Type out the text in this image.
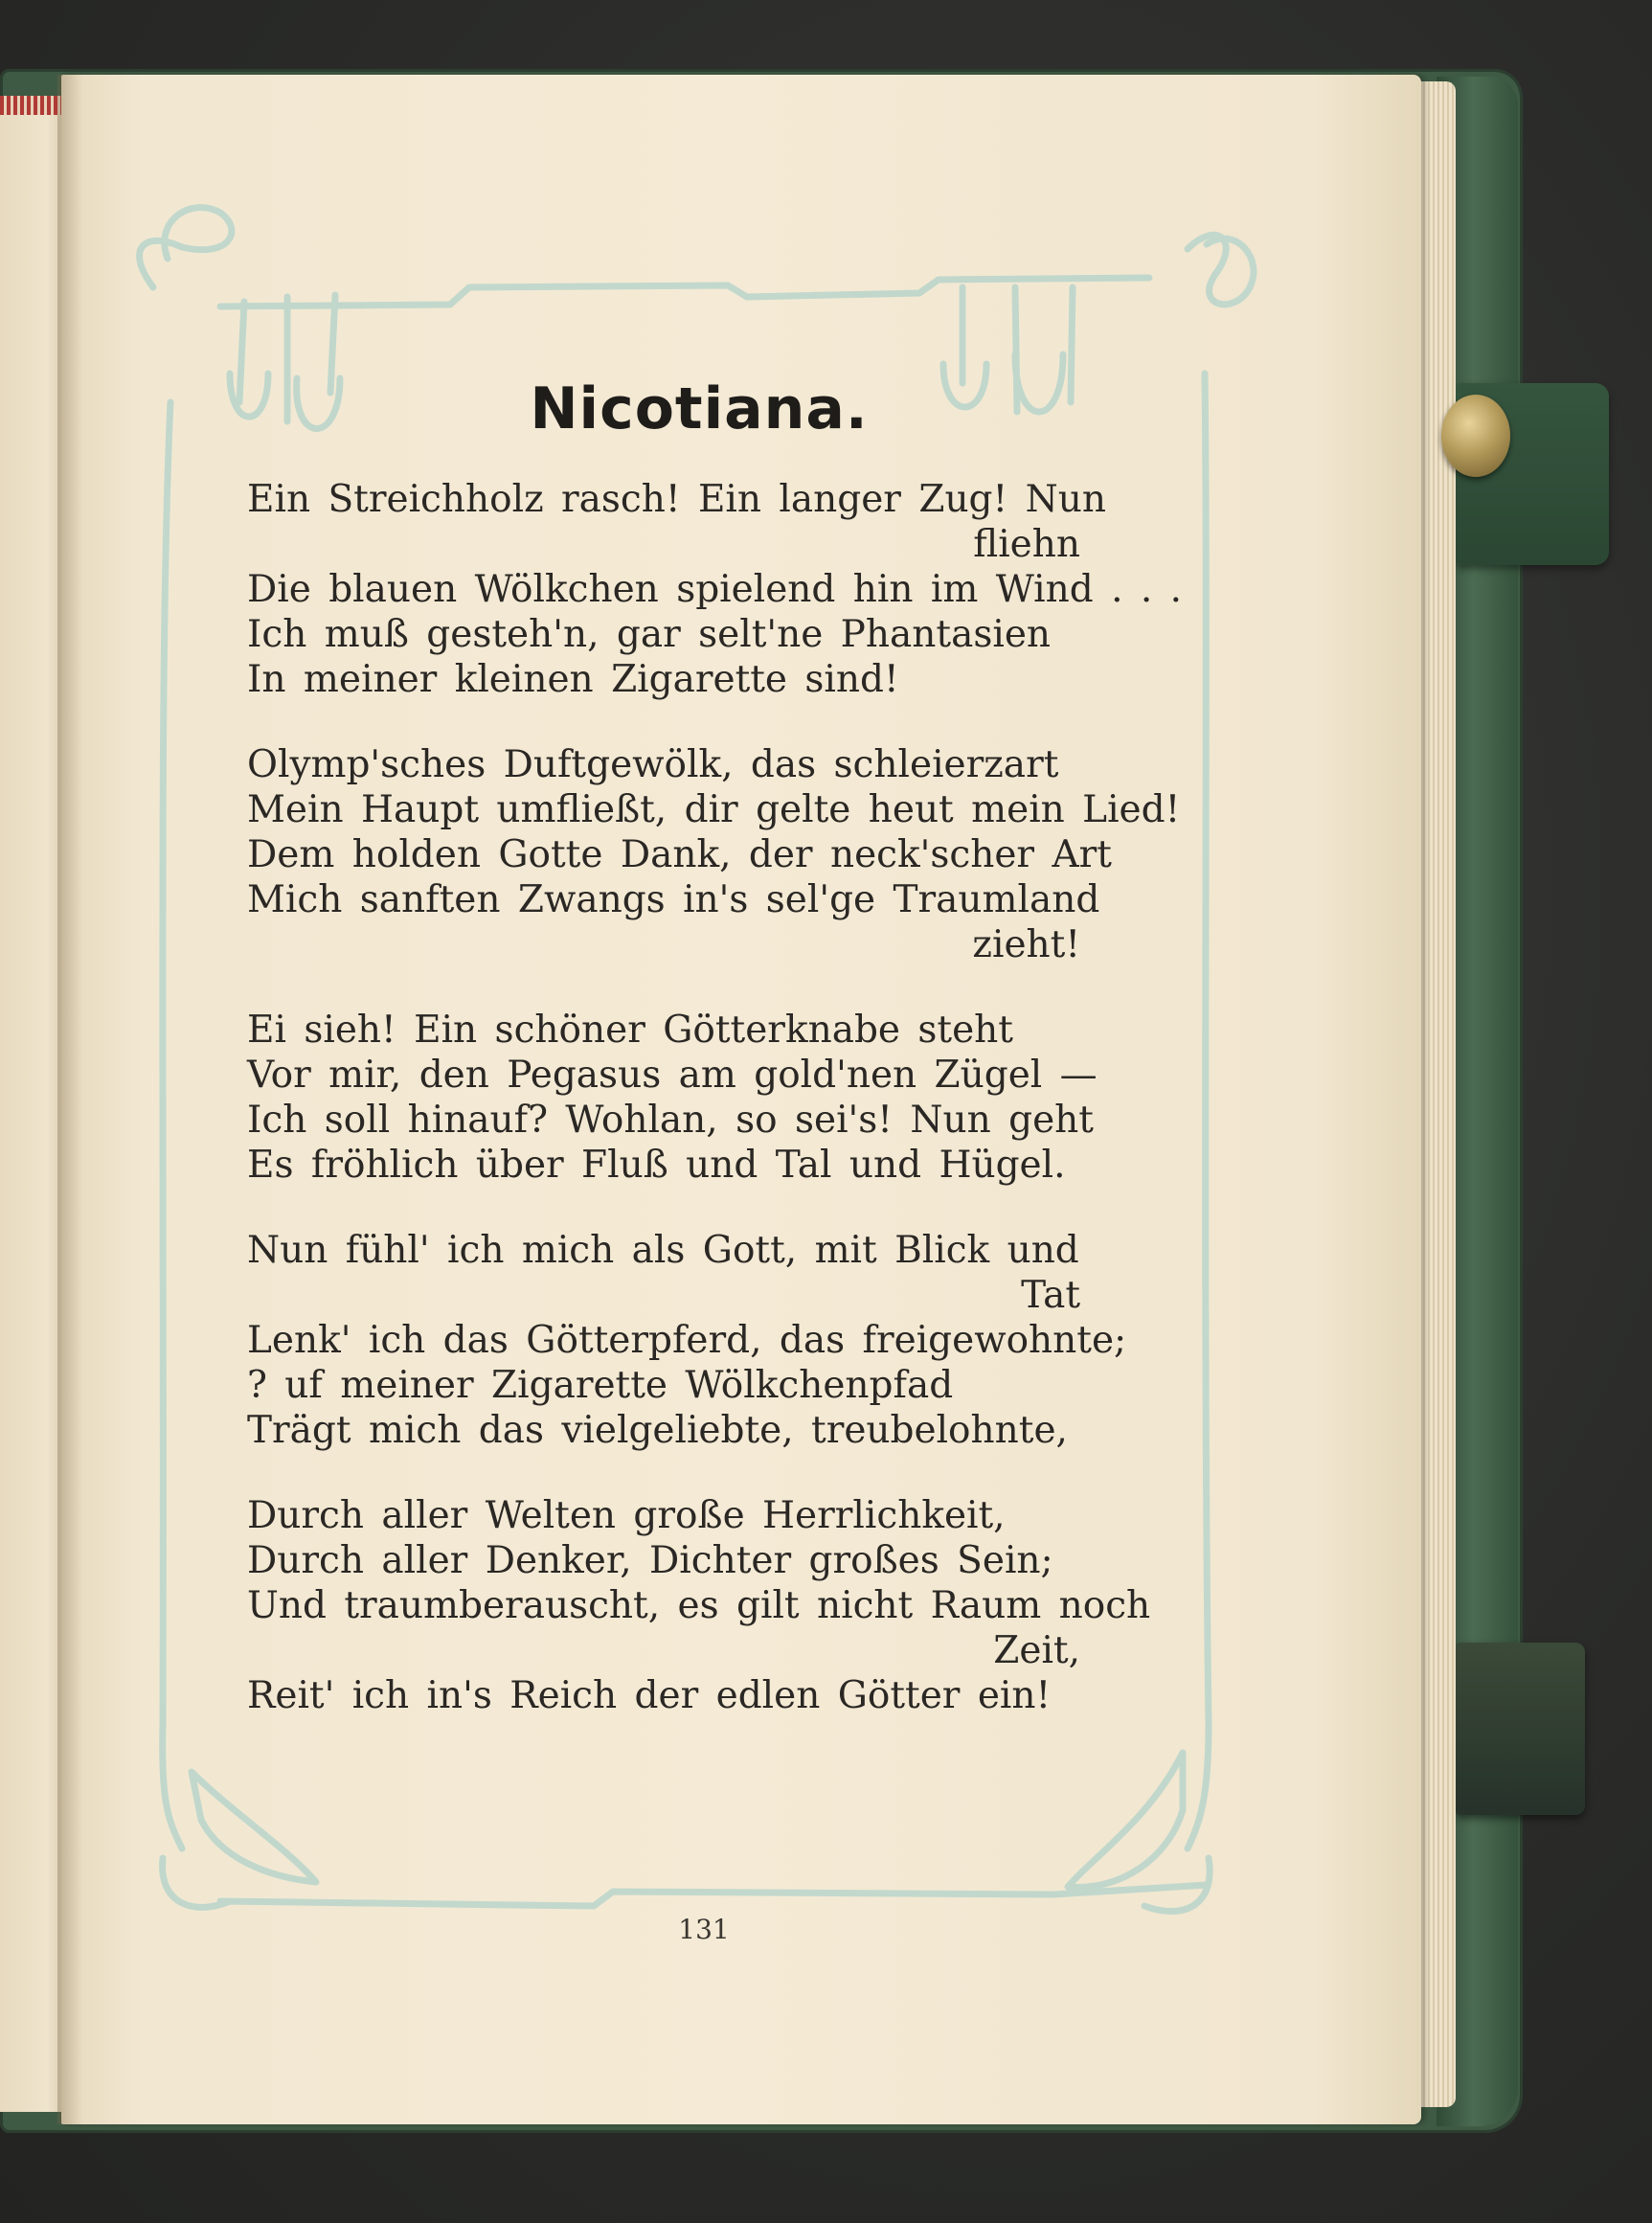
Nicotiana.
Ein Streichholz rasch! Ein langer Zug! Nun
fliehn
Die blauen Wölkchen spielend hin im Wind . . .
Ich muß gesteh'n, gar selt'ne Phantasien
In meiner kleinen Zigarette sind!
Olymp'sches Duftgewölk, das schleierzart
Mein Haupt umfließt, dir gelte heut mein Lied!
Dem holden Gotte Dank, der neck'scher Art
Mich sanften Zwangs in's sel'ge Traumland
zieht!
Ei sieh! Ein schöner Götterknabe steht
Vor mir, den Pegasus am gold'nen Zügel —
Ich soll hinauf? Wohlan, so sei's! Nun geht
Es fröhlich über Fluß und Tal und Hügel.
Nun fühl' ich mich als Gott, mit Blick und
Tat
Lenk' ich das Götterpferd, das freigewohnte;
? uf meiner Zigarette Wölkchenpfad
Trägt mich das vielgeliebte, treubelohnte,
Durch aller Welten große Herrlichkeit,
Durch aller Denker, Dichter großes Sein;
Und traumberauscht, es gilt nicht Raum noch
Zeit,
Reit' ich in's Reich der edlen Götter ein!
131
